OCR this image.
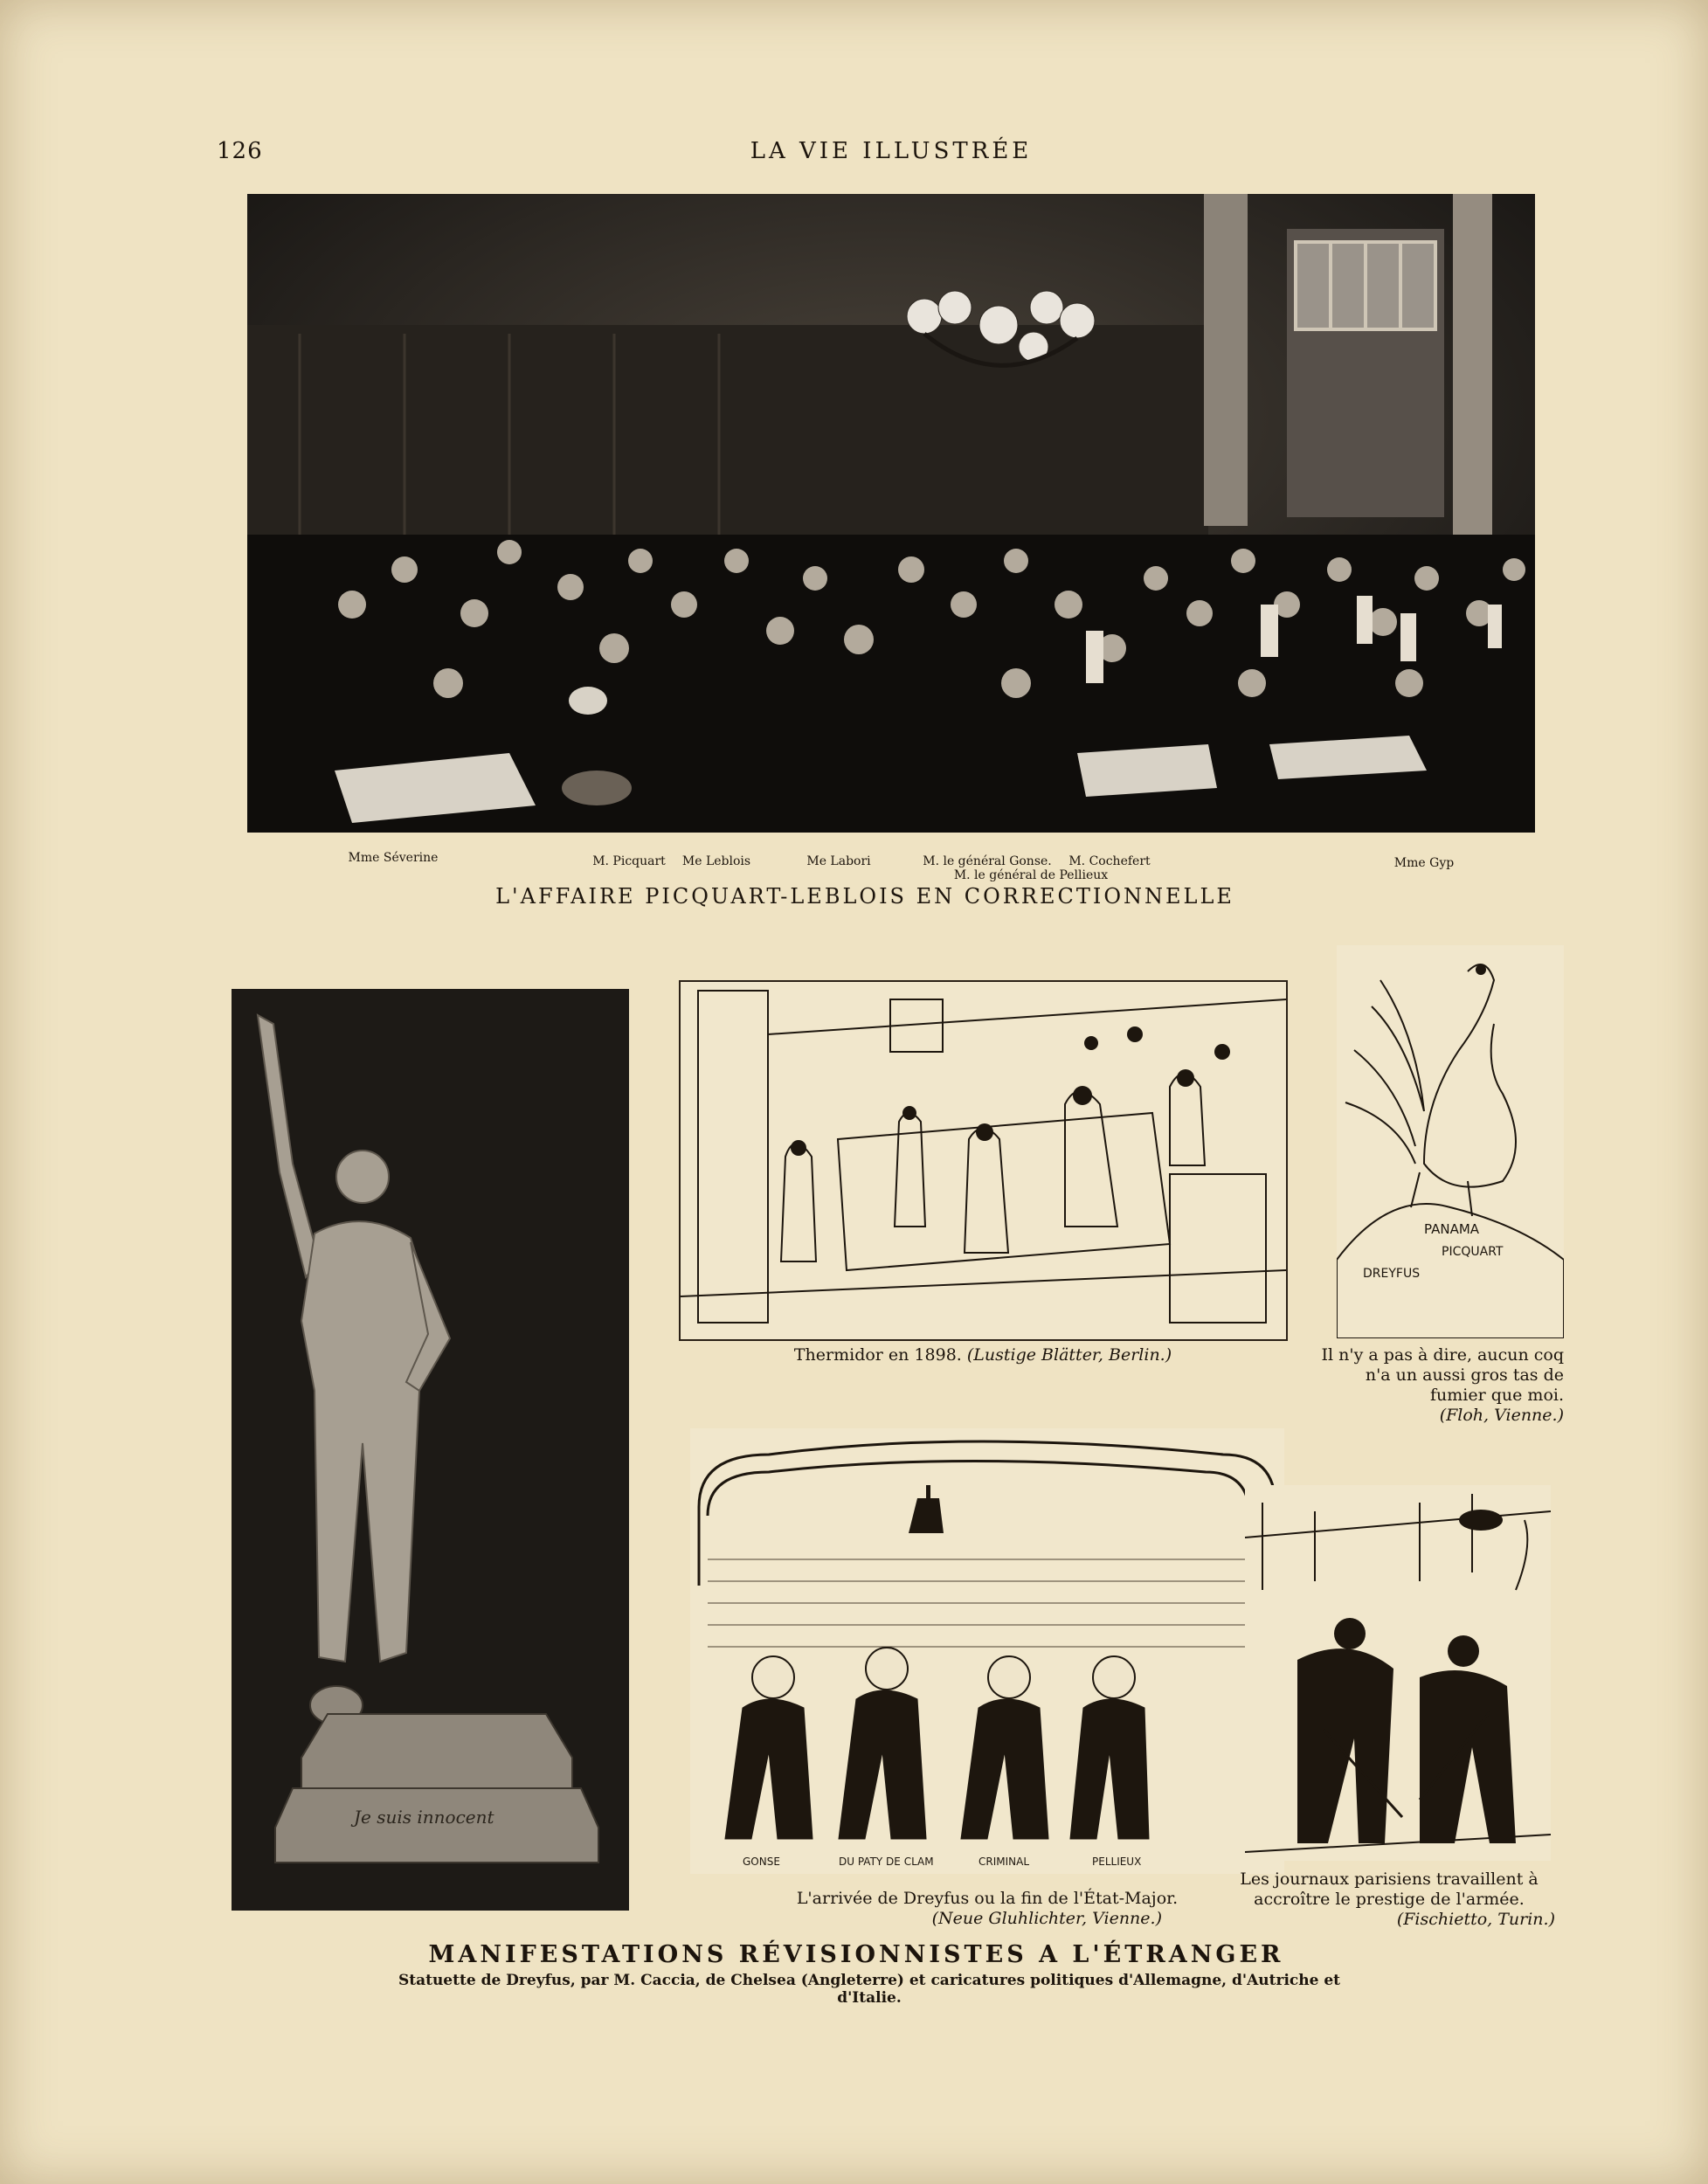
126	LA VIE ILLUSTRÉE
Mme Séverine	M. Picquart	Me Leblois	Me Labori	M. le général Gonse.	M. Cochefert
M. le général de Pellieux
Mme Gyp
L'AFFAIRE PICQUART-LEBLOIS EN CORRECTIONNELLE
Je suis innocent
Thermidor en 1898. (Lustige Blätter, Berlin.)
PANAMA
PICQUART
DREYFUS
Il n'y a pas à dire, aucun coq n'a un aussi gros tas de fumier que moi.
(Floh, Vienne.)
GONSE	DU PATY DE CLAM	CRIMINAL	PELLIEUX
L'arrivée de Dreyfus ou la fin de l'État-Major.
(Neue Gluhlichter, Vienne.)
Les journaux parisiens travaillent à accroître le prestige de l'armée.
(Fischietto, Turin.)
MANIFESTATIONS RÉVISIONNISTES A L'ÉTRANGER
Statuette de Dreyfus, par M. Caccia, de Chelsea (Angleterre) et caricatures politiques d'Allemagne, d'Autriche et d'Italie.
